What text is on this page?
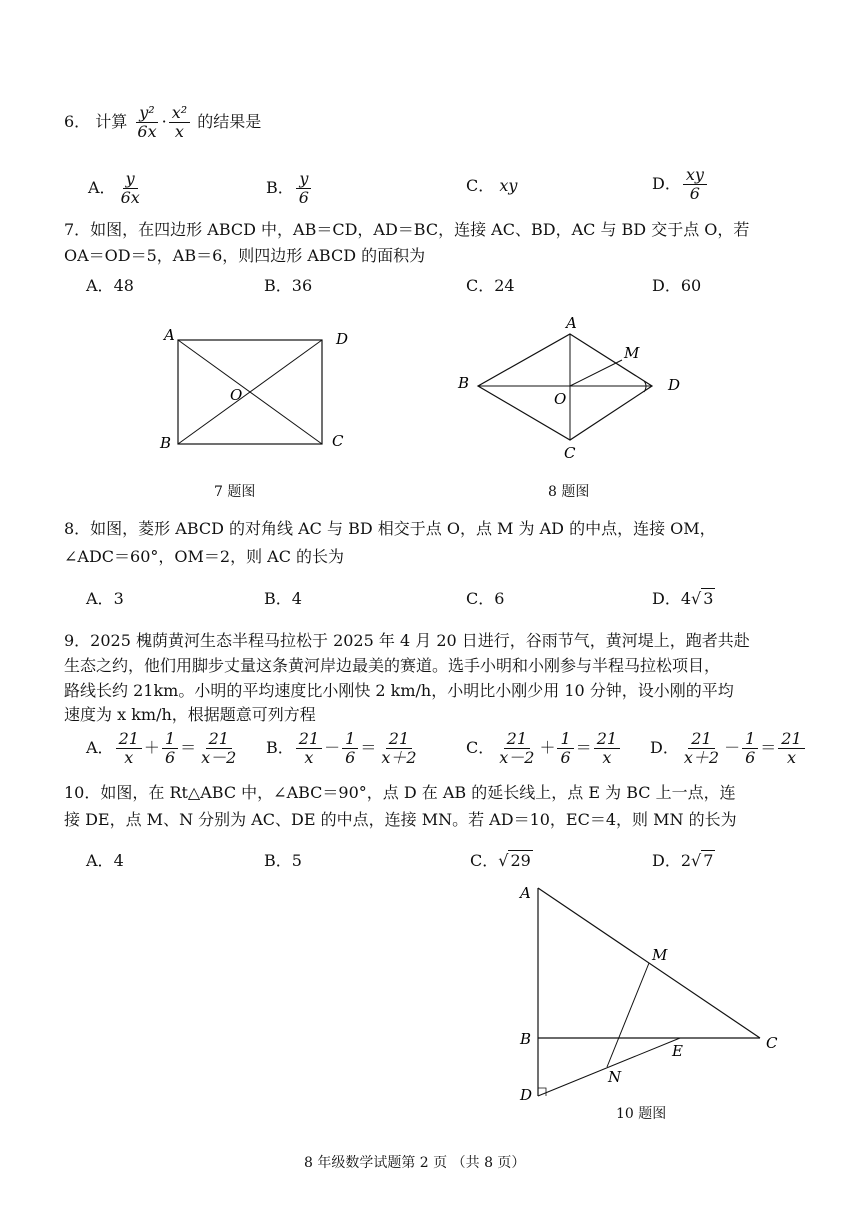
6． 计算 $\frac{\text{y²}}{6x} \cdot \frac{\text{x²}}{x}$ 的结果是
A． $\frac{y}{6x}$	B． $\frac{y}{6}$	C． xy	D． $\frac{xy}{6}$
7．如图，在四边形 ABCD 中，AB＝CD，AD＝BC，连接 AC、BD，AC 与 BD 交于点 O，若
OA＝OD＝5，AB＝6，则四边形 ABCD 的面积为
A．48	B．36	C．24	D．60
A	D
B	C
O
7 题图
A
M
B	D
O
C
8 题图
8．如图，菱形 ABCD 的对角线 AC 与 BD 相交于点 O，点 M 为 AD 的中点，连接 OM，
∠ADC＝60°，OM＝2，则 AC 的长为
A．3	B．4	C．6	D．4√ 3
9．2025 槐荫黄河生态半程马拉松于 2025 年 4 月 20 日进行，谷雨节气，黄河堤上，跑者共赴
生态之约，他们用脚步丈量这条黄河岸边最美的赛道。选手小明和小刚参与半程马拉松项目，
路线长约 21km。小明的平均速度比小刚快 2 km/h，小明比小刚少用 10 分钟，设小刚的平均
速度为 x km/h，根据题意可列方程
A． $\frac{21}{x} + \frac{1}{6} = \frac{21}{x-2}$ B． $\frac{21}{x} - \frac{1}{6} = \frac{21}{x+2}$	C． $\frac{21}{x-2} + \frac{1}{6} = \frac{21}{x}$ D． $\frac{21}{x+2} - \frac{1}{6} = \frac{21}{x}$
10．如图，在 Rt△ABC 中，∠ABC＝90°，点 D 在 AB 的延长线上，点 E 为 BC 上一点，连
接 DE，点 M、N 分别为 AC、DE 的中点，连接 MN。若 AD＝10，EC＝4，则 MN 的长为
A．4	B．5	C．√ 29	D．2√ 7
A
M
B	C
E
N
D
10 题图
8 年级数学试题第 2 页 （共 8 页）
